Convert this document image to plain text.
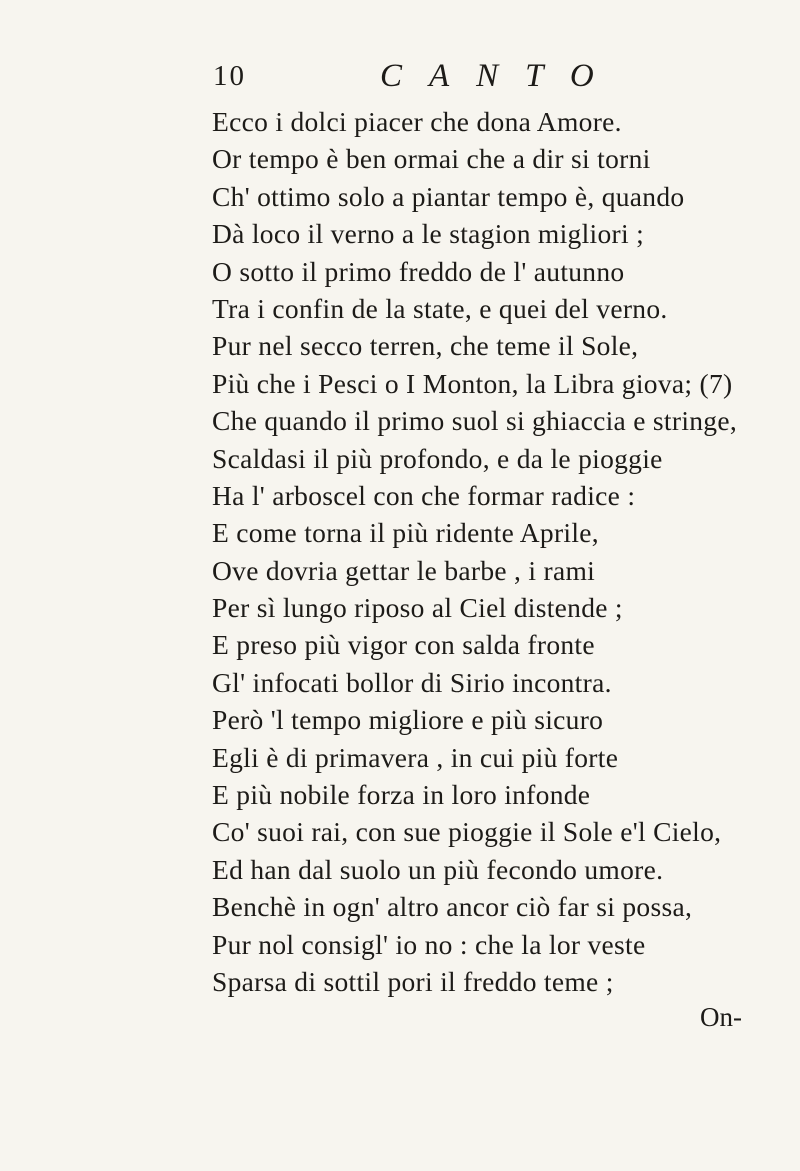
10	CANTO
Ecco i dolci piacer che dona Amore.
Or tempo è ben ormai che a dir si torni
Ch' ottimo solo a piantar tempo è, quando
Dà loco il verno a le stagion migliori ;
O sotto il primo freddo de l' autunno
Tra i confin de la state, e quei del verno.
Pur nel secco terren, che teme il Sole,
Più che i Pesci o I Monton, la Libra giova; (7)
Che quando il primo suol si ghiaccia e stringe,
Scaldasi il più profondo, e da le pioggie
Ha l' arboscel con che formar radice :
E come torna il più ridente Aprile,
Ove dovria gettar le barbe , i rami
Per sì lungo riposo al Ciel distende ;
E preso più vigor con salda fronte
Gl' infocati bollor di Sirio incontra.
Però 'l tempo migliore e più sicuro
Egli è di primavera , in cui più forte
E più nobile forza in loro infonde
Co' suoi rai, con sue pioggie il Sole e'l Cielo,
Ed han dal suolo un più fecondo umore.
Benchè in ogn' altro ancor ciò far si possa,
Pur nol consigl' io no : che la lor veste
Sparsa di sottil pori il freddo teme ;
On-
